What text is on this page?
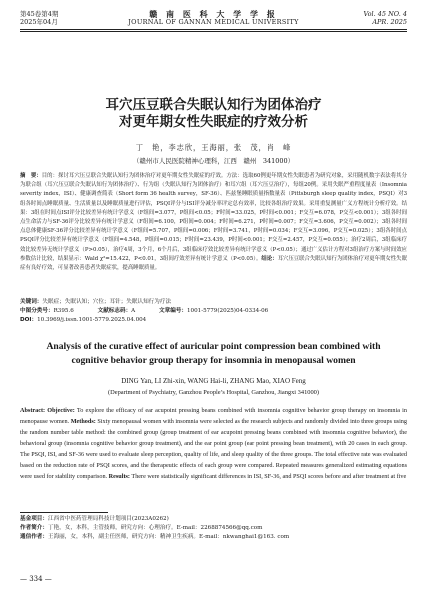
第45卷第4期
2025年04月
赣 南 医 科 大 学 学 报
JOURNAL OF GANNAN MEDICAL UNIVERSITY
Vol. 45 NO. 4
APR. 2025
耳穴压豆联合失眠认知行为团体治疗
对更年期女性失眠症的疗效分析
丁　艳，李志欣，王海丽，张　茂，肖　峰
（赣州市人民医院精神心理科，江西　赣州　341000）
摘　要：目的：探讨耳穴压豆联合失眠认知行为团体治疗对更年期女性失眠症的疗效。方法：选取60例更年期女性失眠患者为研究对象，采用随机数字表法将其分为联合组（耳穴压豆联合失眠认知行为团体治疗）、行为组（失眠认知行为团体治疗）和耳穴组（耳穴压豆治疗），每组20例。采用失眠严重程度量表（Insomnia severity index，ISI）、健康调查简表（Short form 36 health survey，SF-36）、匹兹堡睡眠质量指数量表（Pittsburgh sleep quality index，PSQI）对3组各时间点睡眠质量、生活质量以及睡眠质量进行评估，PSQI评分与ISI评分减分率评定总有效率，比较各组治疗效果。采用重复测量广义方程统计分析疗效。结果：3组在时间点ISI评分比较差异有统计学意义（F组间=3.077，P组间<0.05；F时间=33.025，P时间<0.001；F交互=6.078，P交互<0.001）；3组各时间点生命活力与SF-36评分比较差异有统计学意义（F组间=6.100，P组间=0.004；F时间=6.271，P时间=0.007；F交互=3.606，P交互=0.002）；3组各时间点总体健康SF-36评分比较差异有统计学意义（F组间=5.707，P组间=0.006；F时间=3.741，P时间=0.034；F交互=3.096，P交互=0.025）；3组各时间点PSQI评分比较差异有统计学意义（F组间=4.548，P组间=0.015；F时间=23.439，P时间<0.001；F交互=2.457，P交互=0.055）；治疗2周后，3组临床疗效比较差异无统计学意义（P>0.05），治疗4周，3个月，6个月后，3组临床疗效比较差异有统计学意义（P<0.05）；通过广义估计方程对3组治疗方案与时间效应参数估计比较，结果显示：Wald χ²=15.422，P<0.01，3组间疗效差异有统计学意义（P<0.05）。结论：耳穴压豆联合失眠认知行为团体治疗对更年期女性失眠症有良好疗效，可显著改善患者失眠症状，提高睡眠质量。
关键词：失眠症；失眠认知；穴位；耳针；失眠认知行为疗法
中图分类号：R395.6	文献标志码：A	文章编号：1001-5779(2025)04-0334-06
DOI：10.3969/j.issn.1001-5779.2025.04.004
Analysis of the curative effect of auricular point compression bean combined with
cognitive behavior group therapy for insomnia in menopausal women
DING Yan, LI Zhi-xin, WANG Hai-li, ZHANG Mao, XIAO Feng
(Department of Psychiatry, Ganzhou People’s Hospital, Ganzhou, Jiangxi 341000)
Abstract: Objective: To explore the efficacy of ear acupoint pressing beans combined with insomnia cognitive behavior group therapy on insomnia in menopause women. Methods: Sixty menopausal women with insomnia were selected as the research subjects and randomly divided into three groups using the random number table method: the combined group (group treatment of ear acupoint pressing beans combined with insomnia cognitive behavior), the behavioral group (insomnia cognitive behavior group treatment), and the ear point group (ear point pressing bean treatment), with 20 cases in each group. The PSQI, ISI, and SF-36 were used to evaluate sleep perception, quality of life, and sleep quality of the three groups. The total effective rate was evaluated based on the reduction rate of PSQI scores, and the therapeutic effects of each group were compared. Repeated measures generalized estimating equations were used for stability comparison. Results: There were statistically significant differences in ISI, SF-36, and PSQI scores before and after treatment at five
基金项目：江西省中医药管理局科技计划项目(2023A0262)
作者简介：丁艳，女，本科，主管技师，研究方向：心理治疗。E-mail：2268874566@qq.com
通信作者：王海丽，女，本科，副主任医师，研究方向：精神卫生疾病。E-mail：nkwanghai1@163. com
— 334 —
